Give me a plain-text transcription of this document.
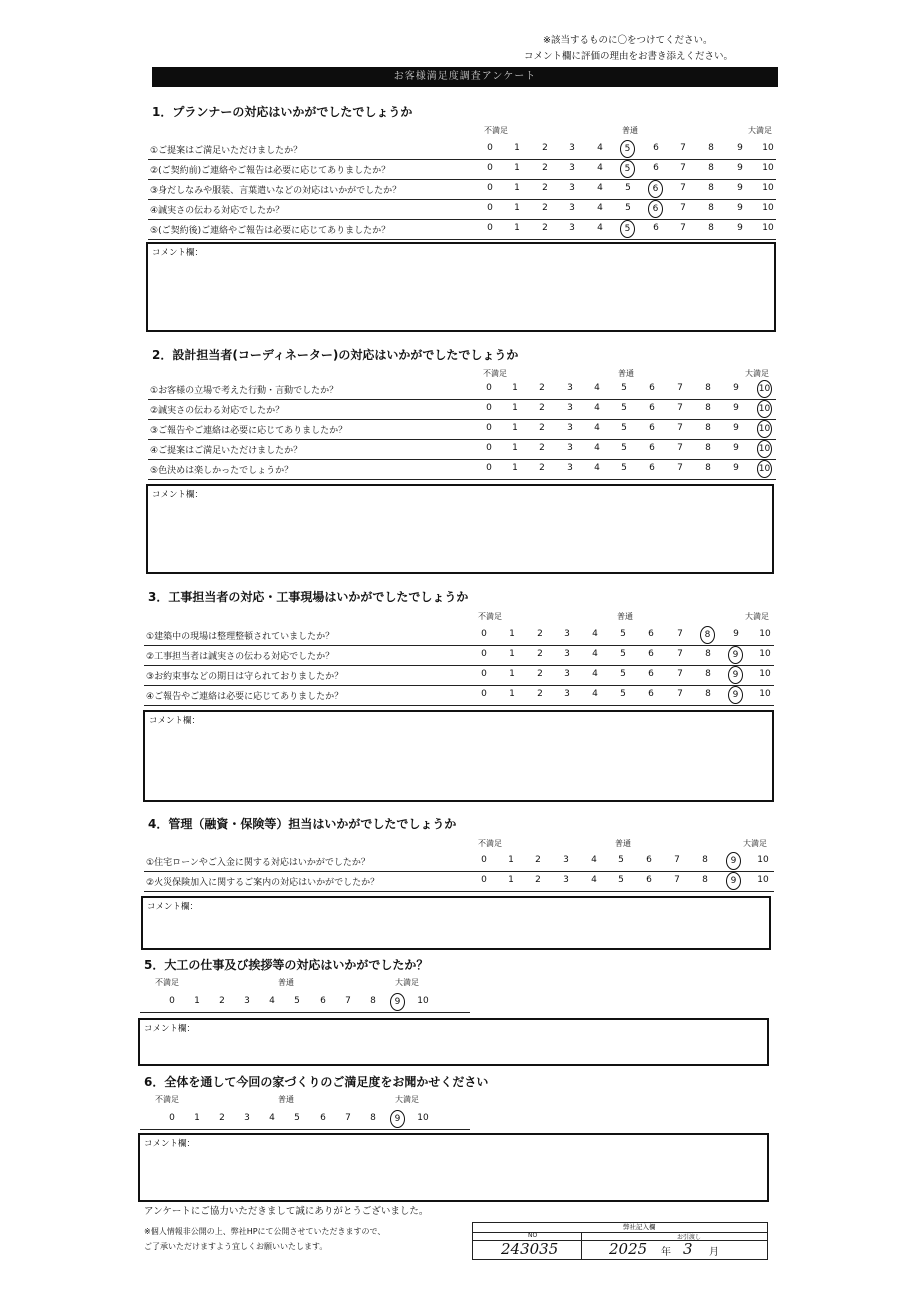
※該当するものに〇をつけてください。
コメント欄に評価の理由をお書き添えください。
お客様満足度調査アンケート
1．プランナーの対応はいかがでしたでしょうか
不満足	普通	大満足
①ご提案はご満足いただけましたか？	0	1	2	3	4	5	6	7	8	9	10
②(ご契約前)ご連絡やご報告は必要に応じてありましたか？	0	1	2	3	4	5	6	7	8	9	10
③身だしなみや服装、言葉遣いなどの対応はいかがでしたか？	0	1	2	3	4	5	6	7	8	9	10
④誠実さの伝わる対応でしたか？	0	1	2	3	4	5	6	7	8	9	10
⑤(ご契約後)ご連絡やご報告は必要に応じてありましたか？	0	1	2	3	4	5	6	7	8	9	10
コメント欄：
2．設計担当者(コーディネーター)の対応はいかがでしたでしょうか
不満足	普通	大満足
①お客様の立場で考えた行動・言動でしたか？	0	1	2	3	4	5	6	7	8	9	10
②誠実さの伝わる対応でしたか？	0	1	2	3	4	5	6	7	8	9	10
③ご報告やご連絡は必要に応じてありましたか？	0	1	2	3	4	5	6	7	8	9	10
④ご提案はご満足いただけましたか？	0	1	2	3	4	5	6	7	8	9	10
⑤色決めは楽しかったでしょうか？	0	1	2	3	4	5	6	7	8	9	10
コメント欄：
3．工事担当者の対応・工事現場はいかがでしたでしょうか
不満足	普通	大満足
①建築中の現場は整理整頓されていましたか？	0	1	2	3	4	5	6	7	8	9	10
②工事担当者は誠実さの伝わる対応でしたか？	0	1	2	3	4	5	6	7	8	9	10
③お約束事などの期日は守られておりましたか？	0	1	2	3	4	5	6	7	8	9	10
④ご報告やご連絡は必要に応じてありましたか？	0	1	2	3	4	5	6	7	8	9	10
コメント欄：
4．管理（融資・保険等）担当はいかがでしたでしょうか
不満足	普通	大満足
①住宅ローンやご入金に関する対応はいかがでしたか？	0	1	2	3	4	5	6	7	8	9	10
②火災保険加入に関するご案内の対応はいかがでしたか？	0	1	2	3	4	5	6	7	8	9	10
コメント欄：
5．大工の仕事及び挨拶等の対応はいかがでしたか？
不満足	普通	大満足
0	1	2	3	4	5	6	7	8	9	10
コメント欄：
6．全体を通して今回の家づくりのご満足度をお聞かせください
不満足	普通	大満足
0	1	2	3	4	5	6	7	8	9	10
コメント欄：
アンケートにご協力いただきまして誠にありがとうございました。
※個人情報非公開の上、弊社HPにて公開させていただきますので、
ご了承いただけますよう宜しくお願いいたします。
弊社記入欄
NO	お引渡し
243035	2025 年 3 月
